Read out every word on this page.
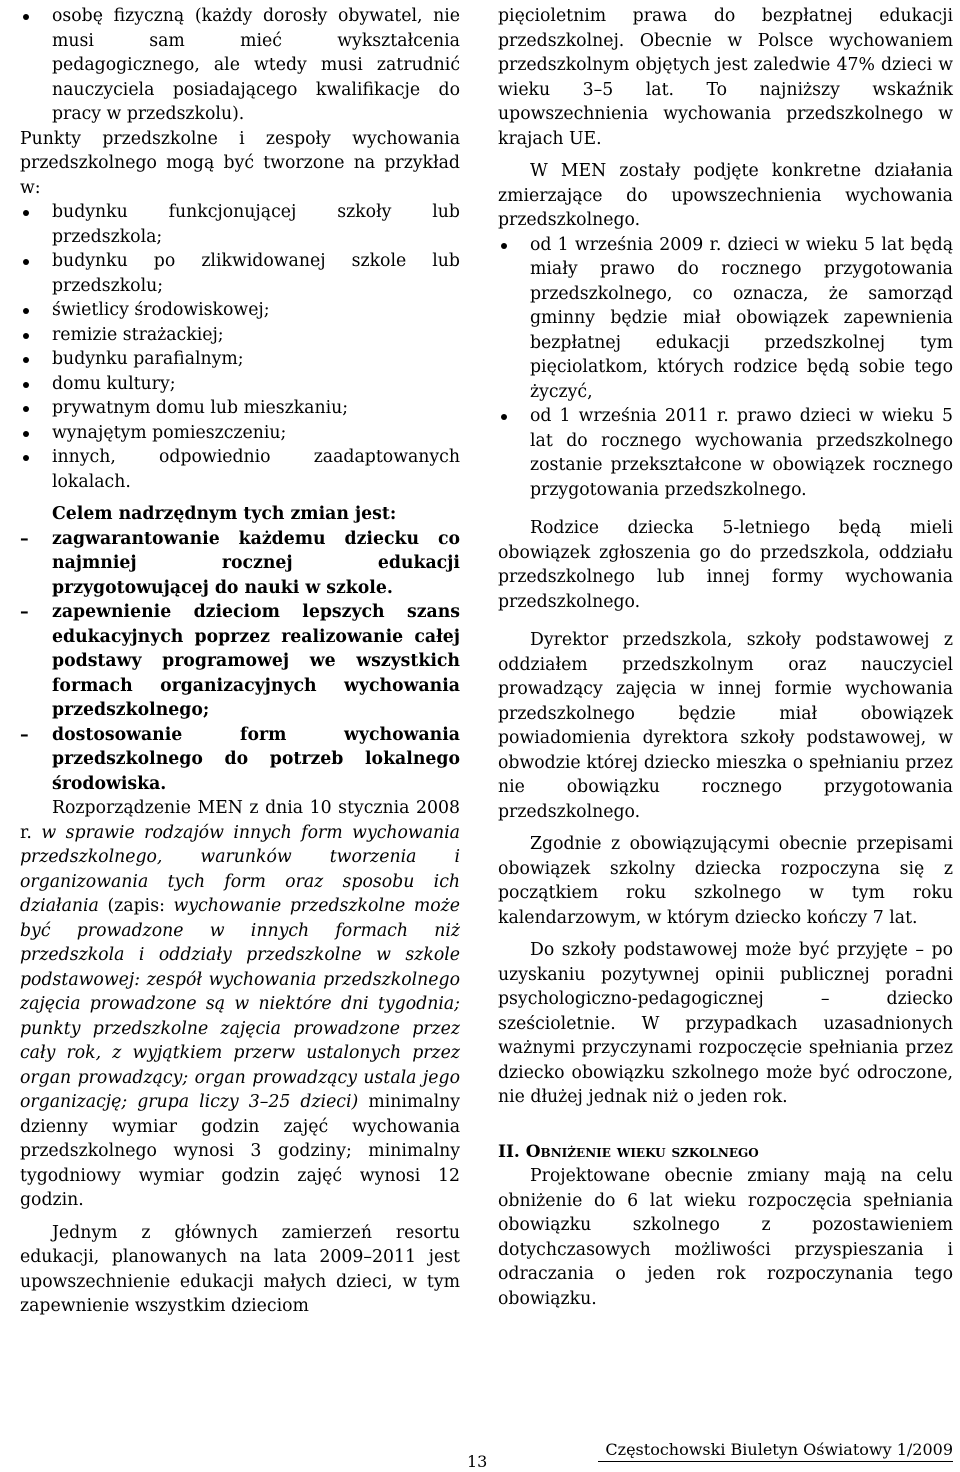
osobę fizyczną (każdy dorosły obywatel, nie musi sam mieć wykształcenia pedagogicznego, ale wtedy musi zatrudnić nauczyciela posiadającego kwalifikacje do pracy w przedszkolu).

Punkty przedszkolne i zespoły wychowania przedszkolnego mogą być tworzone na przykład w:

budynku funkcjonującej szkoły lub przedszkola;
budynku po zlikwidowanej szkole lub przedszkolu;
świetlicy środowiskowej;
remizie strażackiej;
budynku parafialnym;
domu kultury;
prywatnym domu lub mieszkaniu;
wynajętym pomieszczeniu;
innych, odpowiednio zaadaptowanych lokalach.

Celem nadrzędnym tych zmian jest:

– zagwarantowanie każdemu dziecku co najmniej rocznej edukacji przygotowującej do nauki w szkole.
– zapewnienie dzieciom lepszych szans edukacyjnych poprzez realizowanie całej podstawy programowej we wszystkich formach organizacyjnych wychowania przedszkolnego;
– dostosowanie form wychowania przedszkolnego do potrzeb lokalnego środowiska.

Rozporządzenie MEN z dnia 10 stycznia 2008 r. w sprawie rodzajów innych form wychowania przedszkolnego, warunków tworzenia i organizowania tych form oraz sposobu ich działania (zapis: wychowanie przedszkolne może być prowadzone w innych formach niż przedszkola i oddziały przedszkolne w szkole podstawowej: zespół wychowania przedszkolnego zajęcia prowadzone są w niektóre dni tygodnia; punkty przedszkolne zajęcia prowadzone przez cały rok, z wyjątkiem przerw ustalonych przez organ prowadzący; organ prowadzący ustala jego organizację; grupa liczy 3–25 dzieci) minimalny dzienny wymiar godzin zajęć wychowania przedszkolnego wynosi 3 godziny; minimalny tygodniowy wymiar godzin zajęć wynosi 12 godzin.

Jednym z głównych zamierzeń resortu edukacji, planowanych na lata 2009–2011 jest upowszechnienie edukacji małych dzieci, w tym zapewnienie wszystkim dzieciom

pięcioletnim prawa do bezpłatnej edukacji przedszkolnej. Obecnie w Polsce wychowaniem przedszkolnym objętych jest zaledwie 47% dzieci w wieku 3–5 lat. To najniższy wskaźnik upowszechnienia wychowania przedszkolnego w krajach UE.

W MEN zostały podjęte konkretne działania zmierzające do upowszechnienia wychowania przedszkolnego.

od 1 września 2009 r. dzieci w wieku 5 lat będą miały prawo do rocznego przygotowania przedszkolnego, co oznacza, że samorząd gminny będzie miał obowiązek zapewnienia bezpłatnej edukacji przedszkolnej tym pięciolatkom, których rodzice będą sobie tego życzyć,
od 1 września 2011 r. prawo dzieci w wieku 5 lat do rocznego wychowania przedszkolnego zostanie przekształcone w obowiązek rocznego przygotowania przedszkolnego.

Rodzice dziecka 5-letniego będą mieli obowiązek zgłoszenia go do przedszkola, oddziału przedszkolnego lub innej formy wychowania przedszkolnego.

Dyrektor przedszkola, szkoły podstawowej z oddziałem przedszkolnym oraz nauczyciel prowadzący zajęcia w innej formie wychowania przedszkolnego będzie miał obowiązek powiadomienia dyrektora szkoły podstawowej, w obwodzie której dziecko mieszka o spełnianiu przez nie obowiązku rocznego przygotowania przedszkolnego.

Zgodnie z obowiązującymi obecnie przepisami obowiązek szkolny dziecka rozpoczyna się z początkiem roku szkolnego w tym roku kalendarzowym, w którym dziecko kończy 7 lat.

Do szkoły podstawowej może być przyjęte – po uzyskaniu pozytywnej opinii publicznej poradni psychologiczno-pedagogicznej – dziecko sześcioletnie. W przypadkach uzasadnionych ważnymi przyczynami rozpoczęcie spełniania przez dziecko obowiązku szkolnego może być odroczone, nie dłużej jednak niż o jeden rok.

II. Obniżenie wieku szkolnego

Projektowane obecnie zmiany mają na celu obniżenie do 6 lat wieku rozpoczęcia spełniania obowiązku szkolnego z pozostawieniem dotychczasowych możliwości przyspieszania i odraczania o jeden rok rozpoczynania tego obowiązku.

13
Częstochowski Biuletyn Oświatowy 1/2009
